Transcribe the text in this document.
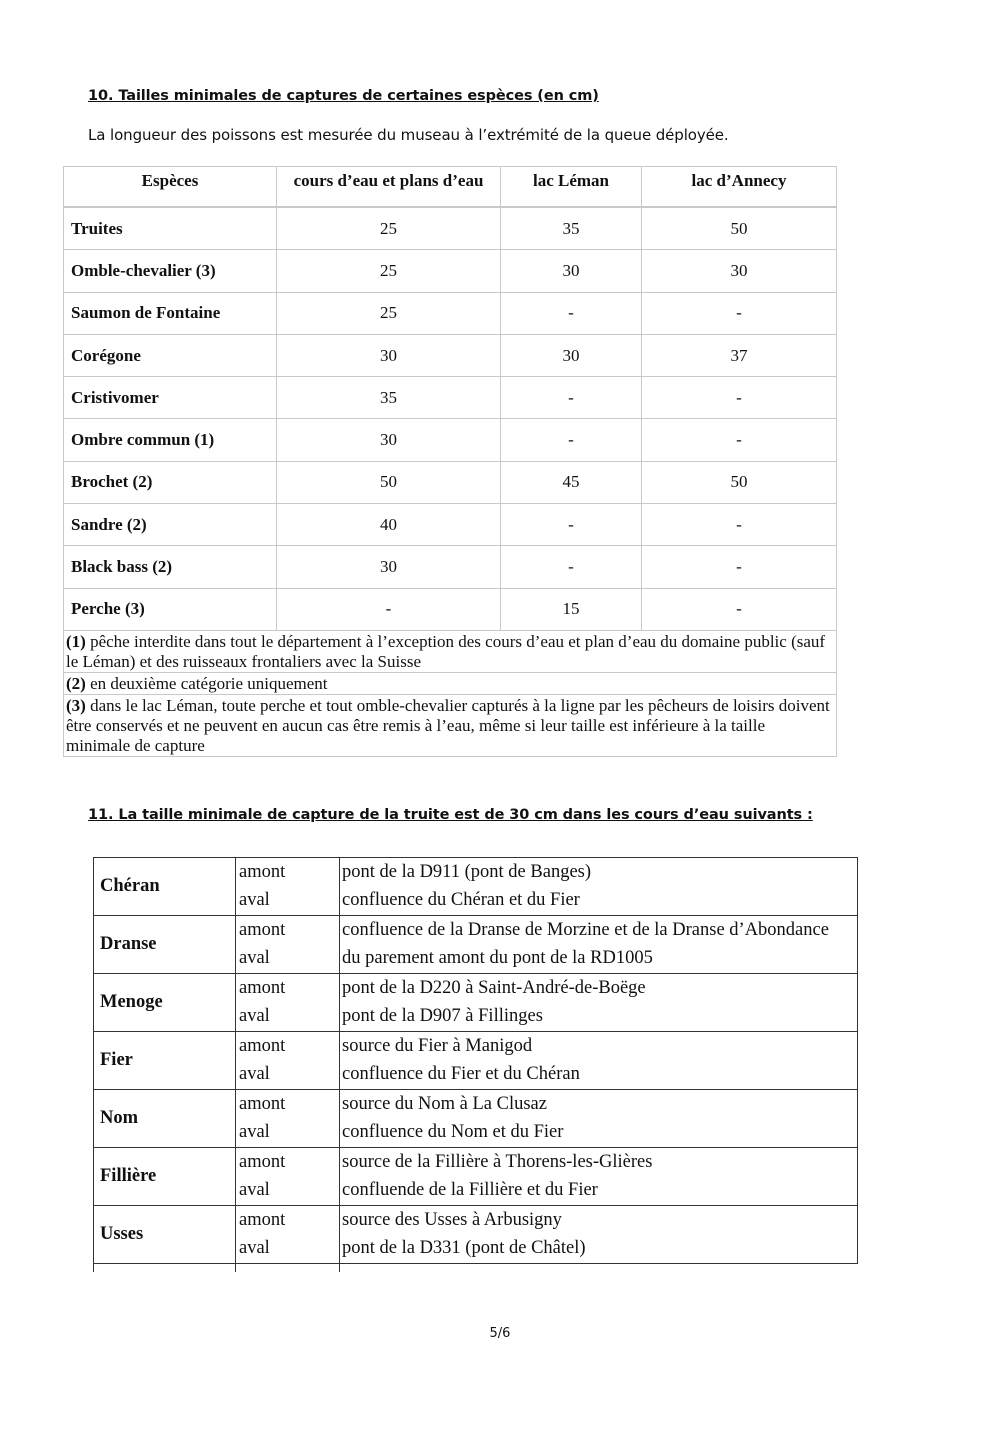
10. Tailles minimales de captures de certaines espèces (en cm)
La longueur des poissons est mesurée du museau à l’extrémité de la queue déployée.
Espèces	cours d’eau et plans d’eau	lac Léman	lac d’Annecy

Truites	25	35	50
Omble-chevalier (3)	25	30	30
Saumon de Fontaine	25	-	-
Corégone	30	30	37
Cristivomer	35	-	-
Ombre commun (1)	30	-	-
Brochet (2)	50	45	50
Sandre (2)	40	-	-
Black bass (2)	30	-	-
Perche (3)	-	15	-
(1) pêche interdite dans tout le département à l’exception des cours d’eau et plan d’eau du domaine public (sauf le Léman) et des ruisseaux frontaliers avec la Suisse			
(2) en deuxième catégorie uniquement			
(3) dans le lac Léman, toute perche et tout omble-chevalier capturés à la ligne par les pêcheurs de loisirs doivent être conservés et ne peuvent en aucun cas être remis à l’eau, même si leur taille est inférieure à la taille minimale de capture			
11. La taille minimale de capture de la truite est de 30 cm dans les cours d’eau suivants :
Chéran	amont	pont de la D911 (pont de Banges)
	aval	confluence du Chéran et du Fier
Dranse	amont	confluence de la Dranse de Morzine et de la Dranse d’Abondance
	aval	du parement amont du pont de la RD1005
Menoge	amont	pont de la D220 à Saint-André-de-Boëge
	aval	pont de la D907 à Fillinges
Fier	amont	source du Fier à Manigod
	aval	confluence du Fier et du Chéran
Nom	amont	source du Nom à La Clusaz
	aval	confluence du Nom et du Fier
Fillière	amont	source de la Fillière à Thorens-les-Glières
	aval	confluende de la Fillière et du Fier
Usses	amont	source des Usses à Arbusigny
	aval	pont de la D331 (pont de Châtel)

5/6
